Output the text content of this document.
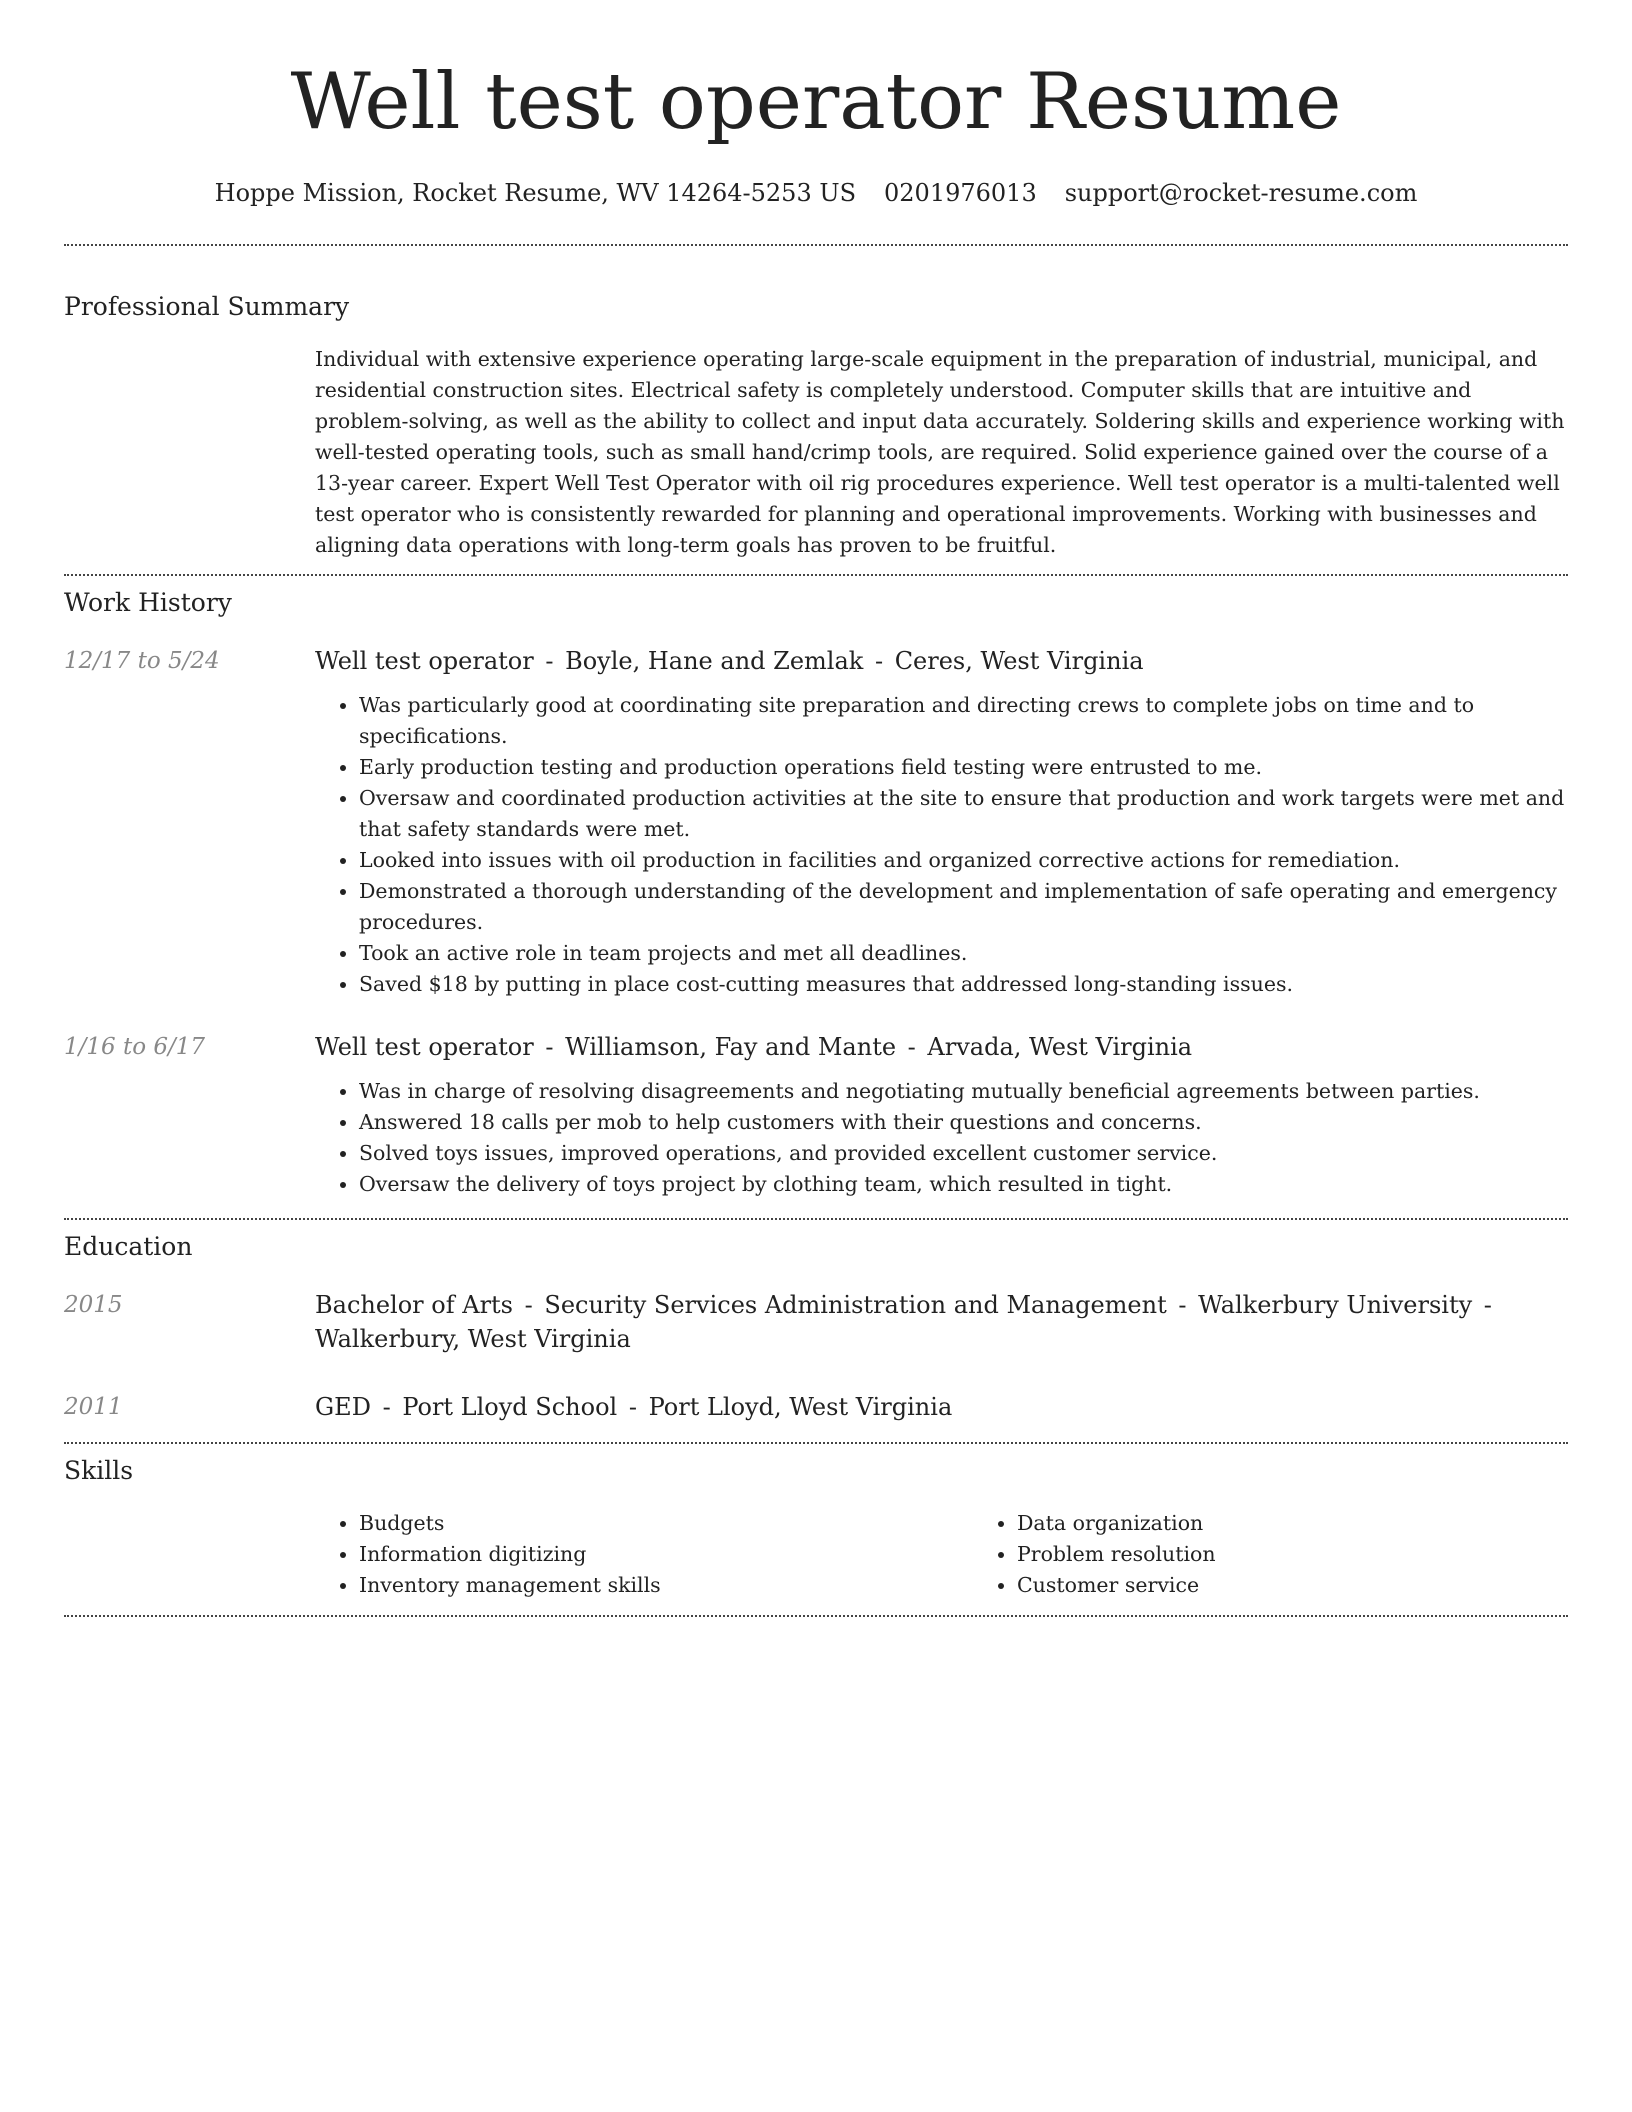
Well test operator Resume
Hoppe Mission, Rocket Resume, WV 14264-5253 US 0201976013 support@rocket-resume.com
Professional Summary

Individual with extensive experience operating large-scale equipment in the preparation of industrial, municipal, and residential construction sites. Electrical safety is completely understood. Computer skills that are intuitive and problem-solving, as well as the ability to collect and input data accurately. Soldering skills and experience working with well-tested operating tools, such as small hand/crimp tools, are required. Solid experience gained over the course of a 13-year career. Expert Well Test Operator with oil rig procedures experience. Well test operator is a multi-talented well test operator who is consistently rewarded for planning and operational improvements. Working with businesses and aligning data operations with long-term goals has proven to be fruitful.

Work History
12/17 to 5/24	Well test operator - Boyle, Hane and Zemlak - Ceres, West Virginia
• Was particularly good at coordinating site preparation and directing crews to complete jobs on time and to specifications.
• Early production testing and production operations field testing were entrusted to me.
• Oversaw and coordinated production activities at the site to ensure that production and work targets were met and that safety standards were met.
• Looked into issues with oil production in facilities and organized corrective actions for remediation.
• Demonstrated a thorough understanding of the development and implementation of safe operating and emergency procedures.
• Took an active role in team projects and met all deadlines.
• Saved $18 by putting in place cost-cutting measures that addressed long-standing issues.
1/16 to 6/17	Well test operator - Williamson, Fay and Mante - Arvada, West Virginia
• Was in charge of resolving disagreements and negotiating mutually beneficial agreements between parties.
• Answered 18 calls per mob to help customers with their questions and concerns.
• Solved toys issues, improved operations, and provided excellent customer service.
• Oversaw the delivery of toys project by clothing team, which resulted in tight.
Education
2015	Bachelor of Arts - Security Services Administration and Management - Walkerbury University - Walkerbury, West Virginia
2011	GED - Port Lloyd School - Port Lloyd, West Virginia
Skills
• Budgets
• Information digitizing
• Inventory management skills
• Data organization
• Problem resolution
• Customer service
